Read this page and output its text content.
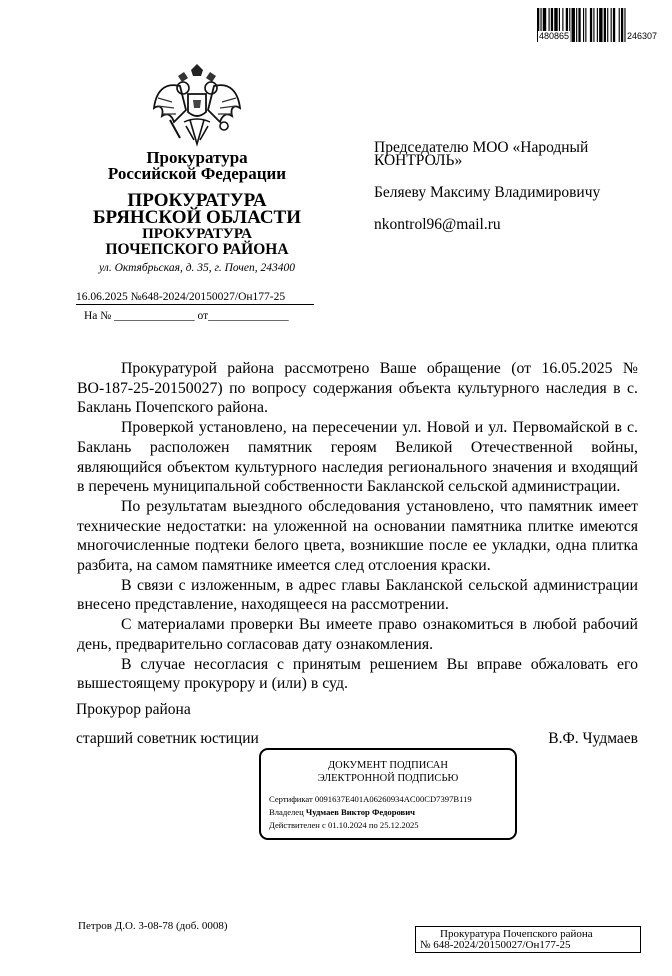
480865	246307
Прокуратура
Российской Федерации
ПРОКУРАТУРА
БРЯНСКОЙ ОБЛАСТИ
ПРОКУРАТУРА
ПОЧЕПСКОГО РАЙОНА
ул. Октябрьская, д. 35, г. Почеп, 243400
16.06.2025 №648-2024/20150027/Он177-25
На № ______________ от______________
Председателю МОО «Народный
КОНТРОЛЬ»
Беляеву Максиму Владимировичу
nkontrol96@mail.ru

Прокуратурой района рассмотрено Ваше обращение (от 16.05.2025 № ВО-187-25-20150027) по вопросу содержания объекта культурного наследия в с. Баклань Почепского района.

Проверкой установлено, на пересечении ул. Новой и ул. Первомайской в с. Баклань расположен памятник героям Великой Отечественной войны, являющийся объектом культурного наследия регионального значения и входящий в перечень муниципальной собственности Бакланской сельской администрации.

По результатам выездного обследования установлено, что памятник имеет технические недостатки: на уложенной на основании памятника плитке имеются многочисленные подтеки белого цвета, возникшие после ее укладки, одна плитка разбита, на самом памятнике имеется след отслоения краски.

В связи с изложенным, в адрес главы Бакланской сельской администрации внесено представление, находящееся на рассмотрении.

С материалами проверки Вы имеете право ознакомиться в любой рабочий день, предварительно согласовав дату ознакомления.

В случае несогласия с принятым решением Вы вправе обжаловать его вышестоящему прокурору и (или) в суд.

Прокурор района
старший советник юстиции	В.Ф. Чудмаев
ДОКУМЕНТ ПОДПИСАН
ЭЛЕКТРОННОЙ ПОДПИСЬЮ
Сертификат 0091637E401A06260934AC00CD7397B119
Владелец Чудмаев Виктор Федорович
Действителен с 01.10.2024 по 25.12.2025
Петров Д.О. 3-08-78 (доб. 0008)
Прокуратура Почепского района
№ 648-2024/20150027/Он177-25
